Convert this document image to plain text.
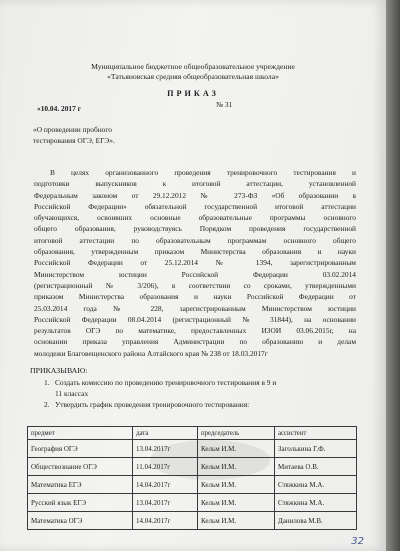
Муниципальное бюджетное общеобразовательное учреждение
«Татьяновская средняя общеобразовательная школа»
ПРИКАЗ
«10.04. 2017 г	№ 31
«О проведении пробного
тестирования ОГЭ, ЕГЭ».
В целях организованного проведения тренировочного тестирования и
подготовки выпускников к итоговой аттестации, установленной
Федеральным законом от 29.12.2012 № 273-ФЗ «Об образовании в
Российской Федерации» обязательной государственной итоговой аттестации
обучающихся, освоивших основные образовательные программы основного
общего образования, руководствуясь Порядком проведения государственной
итоговой аттестации по образовательным программам основного общего
образования, утвержденным приказом Министерства образования и науки
Российской Федерации от 25.12.2014 № 1394, зарегистрированным
Министерством юстиции Российской Федерации 03.02.2014
(регистрационный № 3/206), в соответствии со сроками, утвержденными
приказом Министерства образования и науки Российской Федерации от
25.03.2014 года № 228, зарегистрированным Министерством юстиции
Российской Федерации 08.04.2014 (регистрационный № 31844), на основании
результатов ОГЭ по математике, предоставленных ИЗОИ 03.06.2015г, на
основании приказа управления Администрации по образованию и делам
молодежи Благовещенского района Алтайского края № 238 от 18.03.2017г
ПРИКАЗЫВАЮ:
1. Создать комиссию по проведению тренировочного тестирования в 9 и
11 классах
2. Утвердить график проведения тренировочного тестирования:
предмет	дата	председатель	ассистент
География ОГЭ	13.04.2017г	Кельм И.М.	Заголькина Г.Ф.
Обществознание ОГЭ	11.04.2017г	Кельм И.М.	Митаева О.В.
Математика ЕГЭ	14.04.2017г	Кельм И.М.	Стяжкина М.А.
Русский язык ЕГЭ	13.04.2017г	Кельм И.М.	Стяжкина М.А.
Математика ОГЭ	14.04.2017г	Кельм И.М.	Данилова М.В.
32
